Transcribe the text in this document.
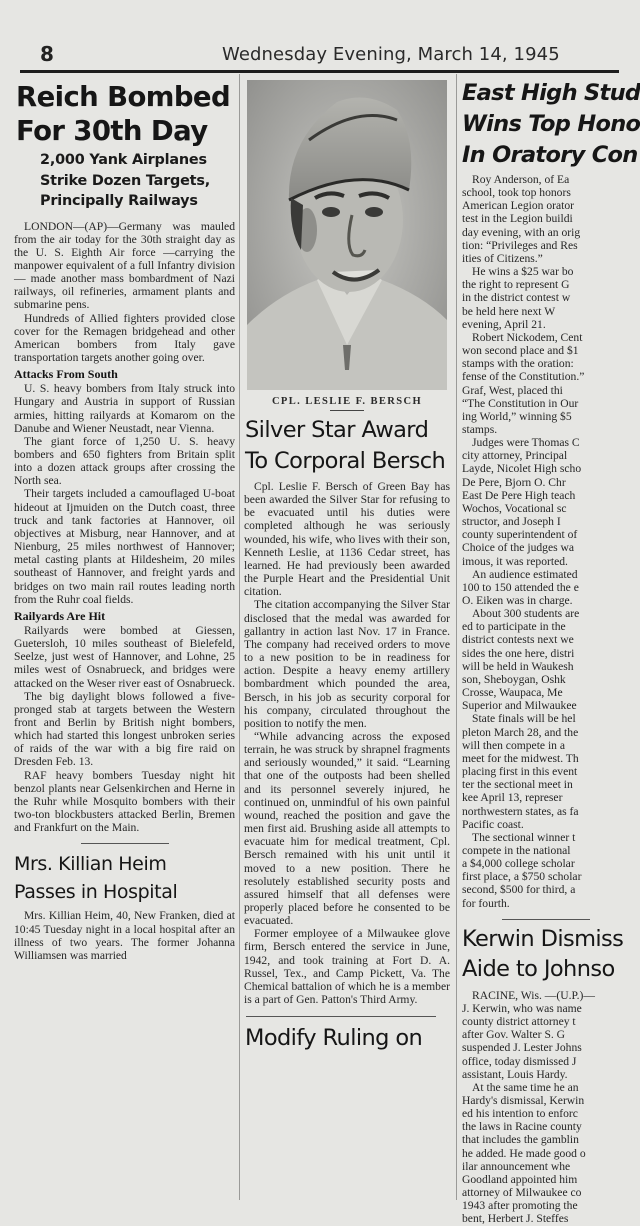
8	Wednesday Evening, March 14, 1945
Reich Bombed
For 30th Day
2,000 Yank Airplanes
Strike Dozen Targets,
Principally Railways

LONDON—(AP)—Germany was mauled from the air today for the 30th straight day as the U. S. Eighth Air force —carrying the manpower equivalent of a full Infantry division — made another mass bombardment of Nazi railways, oil refineries, armament plants and submarine pens.

Hundreds of Allied fighters provided close cover for the Remagen bridgehead and other American bombers from Italy gave transportation targets another going over.

Attacks From South

U. S. heavy bombers from Italy struck into Hungary and Austria in support of Russian armies, hitting railyards at Komarom on the Danube and Wiener Neustadt, near Vienna.

The giant force of 1,250 U. S. heavy bombers and 650 fighters from Britain split into a dozen attack groups after crossing the North sea.

Their targets included a camouflaged U-boat hideout at Ijmuiden on the Dutch coast, three truck and tank factories at Hannover, oil objectives at Misburg, near Hannover, and at Nienburg, 25 miles northwest of Hannover; metal casting plants at Hildesheim, 20 miles southeast of Hannover, and freight yards and bridges on two main rail routes leading north from the Ruhr coal fields.

Railyards Are Hit

Railyards were bombed at Giessen, Guetersloh, 10 miles southeast of Bielefeld, Seelze, just west of Hannover, and Lohne, 25 miles west of Osnabrueck, and bridges were attacked on the Weser river east of Osnabrueck.

The big daylight blows followed a five-pronged stab at targets between the Western front and Berlin by British night bombers, which had started this longest unbroken series of raids of the war with a big fire raid on Dresden Feb. 13.

RAF heavy bombers Tuesday night hit benzol plants near Gelsenkirchen and Herne in the Ruhr while Mosquito bombers with their two-ton blockbusters attacked Berlin, Bremen and Frankfurt on the Main.

Mrs. Killian Heim
Passes in Hospital

Mrs. Killian Heim, 40, New Franken, died at 10:45 Tuesday night in a local hospital after an illness of two years. The former Johanna Williamsen was married

CPL. LESLIE F. BERSCH
Silver Star Award
To Corporal Bersch

Cpl. Leslie F. Bersch of Green Bay has been awarded the Silver Star for refusing to be evacuated until his duties were completed although he was seriously wounded, his wife, who lives with their son, Kenneth Leslie, at 1136 Cedar street, has learned. He had previously been awarded the Purple Heart and the Presidential Unit citation.

The citation accompanying the Silver Star disclosed that the medal was awarded for gallantry in action last Nov. 17 in France. The company had received orders to move to a new position to be in readiness for action. Despite a heavy enemy artillery bombardment which pounded the area, Bersch, in his job as security corporal for his company, circulated throughout the position to notify the men.

“While advancing across the exposed terrain, he was struck by shrapnel fragments and seriously wounded,” it said. “Learning that one of the outposts had been shelled and its personnel severely injured, he continued on, unmindful of his own painful wound, reached the position and gave the men first aid. Brushing aside all attempts to evacuate him for medical treatment, Cpl. Bersch remained with his unit until it moved to a new position. There he resolutely established security posts and assured himself that all defenses were properly placed before he consented to be evacuated.

Former employee of a Milwaukee glove firm, Bersch entered the service in June, 1942, and took training at Fort D. A. Russel, Tex., and Camp Pickett, Va. The Chemical battalion of which he is a member is a part of Gen. Patton's Third Army.

Modify Ruling on
East High Stud
Wins Top Hono
In Oratory Con

Roy Anderson, of Ea

school, took top honors

American Legion orator

test in the Legion buildi

day evening, with an orig

tion: “Privileges and Res

ities of Citizens.”

He wins a $25 war bo

the right to represent G

in the district contest w

be held here next W

evening, April 21.

Robert Nickodem, Cent

won second place and $1

stamps with the oration:

fense of the Constitution.”

Graf, West, placed thi

“The Constitution in Our

ing World,” winning $5

stamps.

Judges were Thomas C

city attorney, Principal

Layde, Nicolet High scho

De Pere, Bjorn O. Chr

East De Pere High teach

Wochos, Vocational sc

structor, and Joseph I

county superintendent of

Choice of the judges wa

imous, it was reported.

An audience estimated

100 to 150 attended the e

O. Eiken was in charge.

About 300 students are

ed to participate in the

district contests next we

sides the one here, distri

will be held in Waukesh

son, Sheboygan, Oshk

Crosse, Waupaca, Me

Superior and Milwaukee

State finals will be hel

pleton March 28, and the

will then compete in a

meet for the midwest. Th

placing first in this event

ter the sectional meet in

kee April 13, represer

northwestern states, as fa

Pacific coast.

The sectional winner t

compete in the national

a $4,000 college scholar

first place, a $750 scholar

second, $500 for third, a

for fourth.

Kerwin Dismiss
Aide to Johnso

RACINE, Wis. —(U.P.)—

J. Kerwin, who was name

county district attorney t

after Gov. Walter S. G

suspended J. Lester Johns

office, today dismissed J

assistant, Louis Hardy.

At the same time he an

Hardy's dismissal, Kerwin

ed his intention to enforc

the laws in Racine county

that includes the gamblin

he added. He made good o

ilar announcement whe

Goodland appointed him

attorney of Milwaukee co

1943 after promoting the

bent, Herbert J. Steffes
